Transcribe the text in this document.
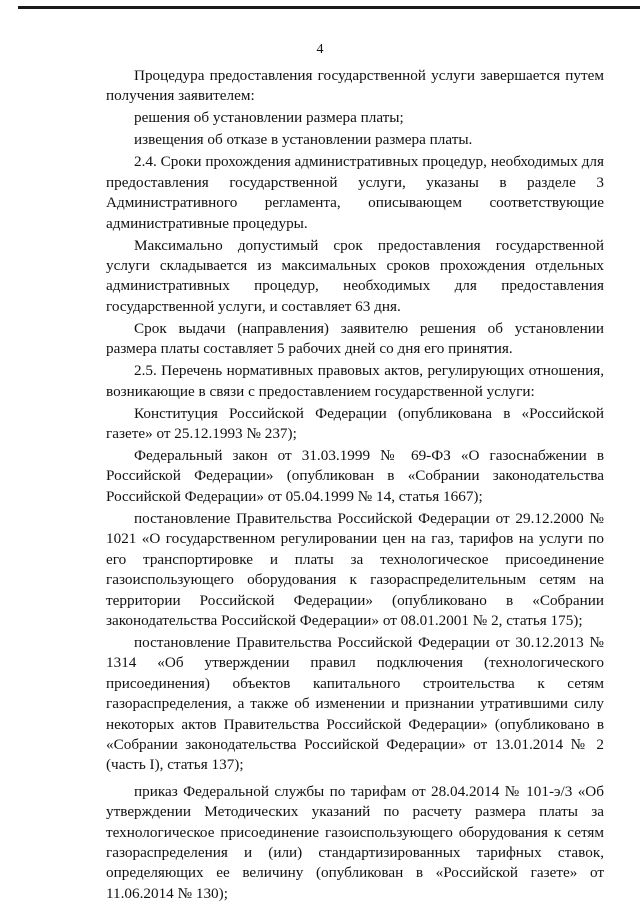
4

Процедура предоставления государственной услуги завершается путем получения заявителем:

решения об установлении размера платы;

извещения об отказе в установлении размера платы.

2.4. Сроки прохождения административных процедур, необходимых для предоставления государственной услуги, указаны в разделе 3 Административного регламента, описывающем соответствующие административные процедуры.

Максимально допустимый срок предоставления государственной услуги складывается из максимальных сроков прохождения отдельных административных процедур, необходимых для предоставления государственной услуги, и составляет 63 дня.

Срок выдачи (направления) заявителю решения об установлении размера платы составляет 5 рабочих дней со дня его принятия.

2.5. Перечень нормативных правовых актов, регулирующих отношения, возникающие в связи с предоставлением государственной услуги:

Конституция Российской Федерации (опубликована в «Российской газете» от 25.12.1993 № 237);

Федеральный закон от 31.03.1999 № 69-ФЗ «О газоснабжении в Российской Федерации» (опубликован в «Собрании законодательства Российской Федерации» от 05.04.1999 № 14, статья 1667);

постановление Правительства Российской Федерации от 29.12.2000 № 1021 «О государственном регулировании цен на газ, тарифов на услуги по его транспортировке и платы за технологическое присоединение газоиспользующего оборудования к газораспределительным сетям на территории Российской Федерации» (опубликовано в «Собрании законодательства Российской Федерации» от 08.01.2001 № 2, статья 175);

постановление Правительства Российской Федерации от 30.12.2013 № 1314 «Об утверждении правил подключения (технологического присоединения) объектов капитального строительства к сетям газораспределения, а также об изменении и признании утратившими силу некоторых актов Правительства Российской Федерации» (опубликовано в «Собрании законодательства Российской Федерации» от 13.01.2014 № 2 (часть I), статья 137);

приказ Федеральной службы по тарифам от 28.04.2014 № 101-э/3 «Об утверждении Методических указаний по расчету размера платы за технологическое присоединение газоиспользующего оборудования к сетям газораспределения и (или) стандартизированных тарифных ставок, определяющих ее величину (опубликован в «Российской газете» от 11.06.2014 № 130);
